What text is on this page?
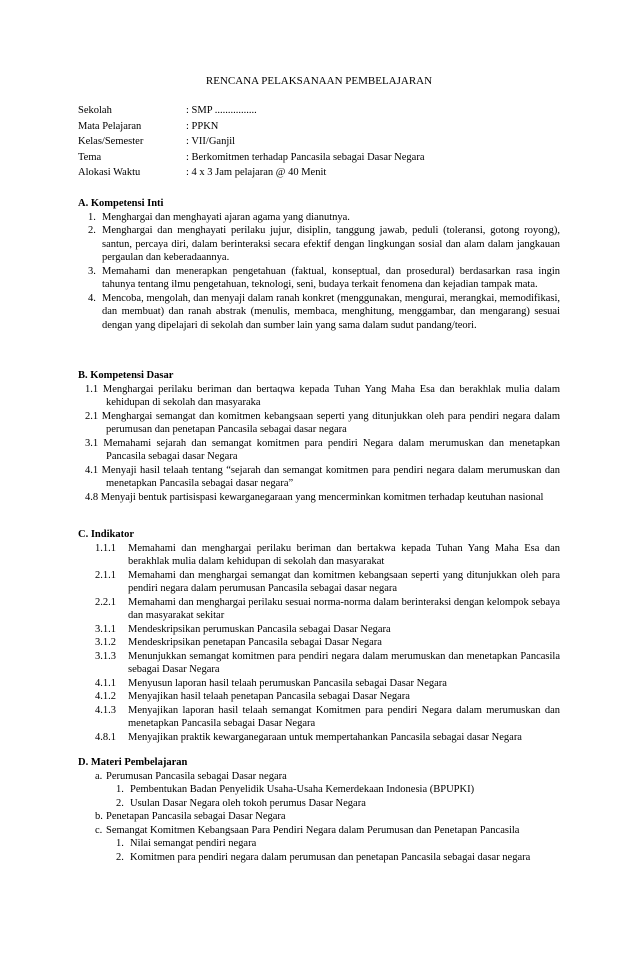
RENCANA PELAKSANAAN PEMBELAJARAN
Sekolah	: SMP ................
Mata Pelajaran	: PPKN
Kelas/Semester	: VII/Ganjil
Tema	: Berkomitmen terhadap Pancasila sebagai Dasar Negara
Alokasi Waktu	: 4 x 3 Jam pelajaran @ 40 Menit
A. Kompetensi Inti
1. Menghargai dan menghayati ajaran agama yang dianutnya.
2. Menghargai dan menghayati perilaku jujur, disiplin, tanggung jawab, peduli (toleransi, gotong royong), santun, percaya diri, dalam berinteraksi secara efektif dengan lingkungan sosial dan alam dalam jangkauan pergaulan dan keberadaannya.
3. Memahami dan menerapkan pengetahuan (faktual, konseptual, dan prosedural) berdasarkan rasa ingin tahunya tentang ilmu pengetahuan, teknologi, seni, budaya terkait fenomena dan kejadian tampak mata.
4. Mencoba, mengolah, dan menyaji dalam ranah konkret (menggunakan, mengurai, merangkai, memodifikasi, dan membuat) dan ranah abstrak (menulis, membaca, menghitung, menggambar, dan mengarang) sesuai dengan yang dipelajari di sekolah dan sumber lain yang sama dalam sudut pandang/teori.
B. Kompetensi Dasar
1.1 Menghargai perilaku beriman dan bertaqwa kepada Tuhan Yang Maha Esa dan berakhlak mulia dalam kehidupan di sekolah dan masyaraka
2.1 Menghargai semangat dan komitmen kebangsaan seperti yang ditunjukkan oleh para pendiri negara dalam perumusan dan penetapan Pancasila sebagai dasar negara
3.1 Memahami sejarah dan semangat komitmen para pendiri Negara dalam merumuskan dan menetapkan Pancasila sebagai dasar Negara
4.1 Menyaji hasil telaah tentang “sejarah dan semangat komitmen para pendiri negara dalam merumuskan dan menetapkan Pancasila sebagai dasar negara”
4.8 Menyaji bentuk partisispasi kewarganegaraan yang mencerminkan komitmen terhadap keutuhan nasional
C. Indikator
1.1.1 Memahami dan menghargai perilaku beriman dan bertakwa kepada Tuhan Yang Maha Esa dan berakhlak mulia dalam kehidupan di sekolah dan masyarakat
2.1.1 Memahami dan menghargai semangat dan komitmen kebangsaan seperti yang ditunjukkan oleh para pendiri negara dalam perumusan Pancasila sebagai dasar negara
2.2.1 Memahami dan menghargai perilaku sesuai norma-norma dalam berinteraksi dengan kelompok sebaya dan masyarakat sekitar
3.1.1 Mendeskripsikan perumuskan Pancasila sebagai Dasar Negara
3.1.2 Mendeskripsikan penetapan Pancasila sebagai Dasar Negara
3.1.3 Menunjukkan semangat komitmen para pendiri negara dalam merumuskan dan menetapkan Pancasila sebagai Dasar Negara
4.1.1 Menyusun laporan hasil telaah perumuskan Pancasila sebagai Dasar Negara
4.1.2 Menyajikan hasil telaah penetapan Pancasila sebagai Dasar Negara
4.1.3 Menyajikan laporan hasil telaah semangat Komitmen para pendiri Negara dalam merumuskan dan menetapkan Pancasila sebagai Dasar Negara
4.8.1 Menyajikan praktik kewarganegaraan untuk mempertahankan Pancasila sebagai dasar Negara
D. Materi Pembelajaran
a. Perumusan Pancasila sebagai Dasar negara
1. Pembentukan Badan Penyelidik Usaha-Usaha Kemerdekaan Indonesia (BPUPKI)
2. Usulan Dasar Negara oleh tokoh perumus Dasar Negara
b. Penetapan Pancasila sebagai Dasar Negara
c. Semangat Komitmen Kebangsaan Para Pendiri Negara dalam Perumusan dan Penetapan Pancasila
1. Nilai semangat pendiri negara
2. Komitmen para pendiri negara dalam perumusan dan penetapan Pancasila sebagai dasar negara
